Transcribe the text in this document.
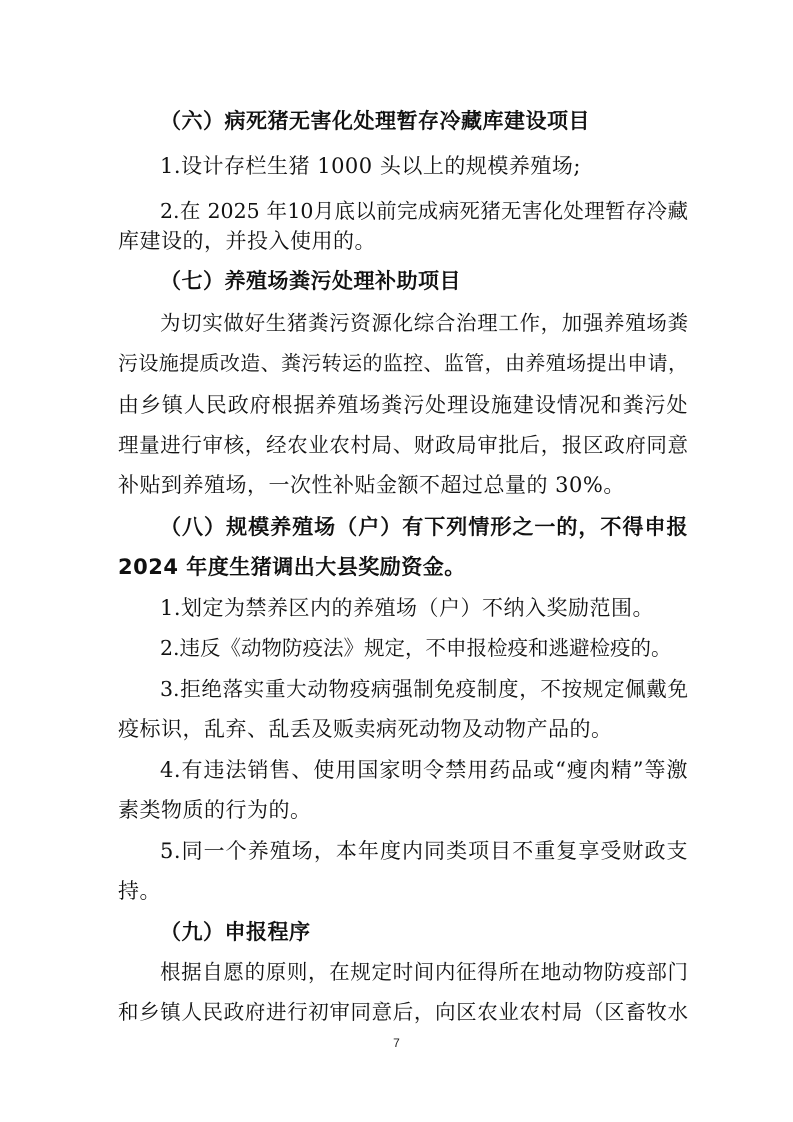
（六）病死猪无害化处理暂存冷藏库建设项目
1.设计存栏生猪 1000 头以上的规模养殖场;
2.在 2025 年10月底以前完成病死猪无害化处理暂存冷藏
库建设的，并投入使用的。
（七）养殖场粪污处理补助项目
为切实做好生猪粪污资源化综合治理工作，加强养殖场粪
污设施提质改造、粪污转运的监控、监管，由养殖场提出申请，
由乡镇人民政府根据养殖场粪污处理设施建设情况和粪污处
理量进行审核，经农业农村局、财政局审批后，报区政府同意
补贴到养殖场，一次性补贴金额不超过总量的 30%。
（八）规模养殖场（户）有下列情形之一的，不得申报
2024 年度生猪调出大县奖励资金。
1.划定为禁养区内的养殖场（户）不纳入奖励范围。
2.违反《动物防疫法》规定，不申报检疫和逃避检疫的。
3.拒绝落实重大动物疫病强制免疫制度，不按规定佩戴免
疫标识，乱弃、乱丢及贩卖病死动物及动物产品的。
4.有违法销售、使用国家明令禁用药品或“瘦肉精”等激
素类物质的行为的。
5.同一个养殖场，本年度内同类项目不重复享受财政支
持。
（九）申报程序
根据自愿的原则，在规定时间内征得所在地动物防疫部门
和乡镇人民政府进行初审同意后，向区农业农村局（区畜牧水
7
